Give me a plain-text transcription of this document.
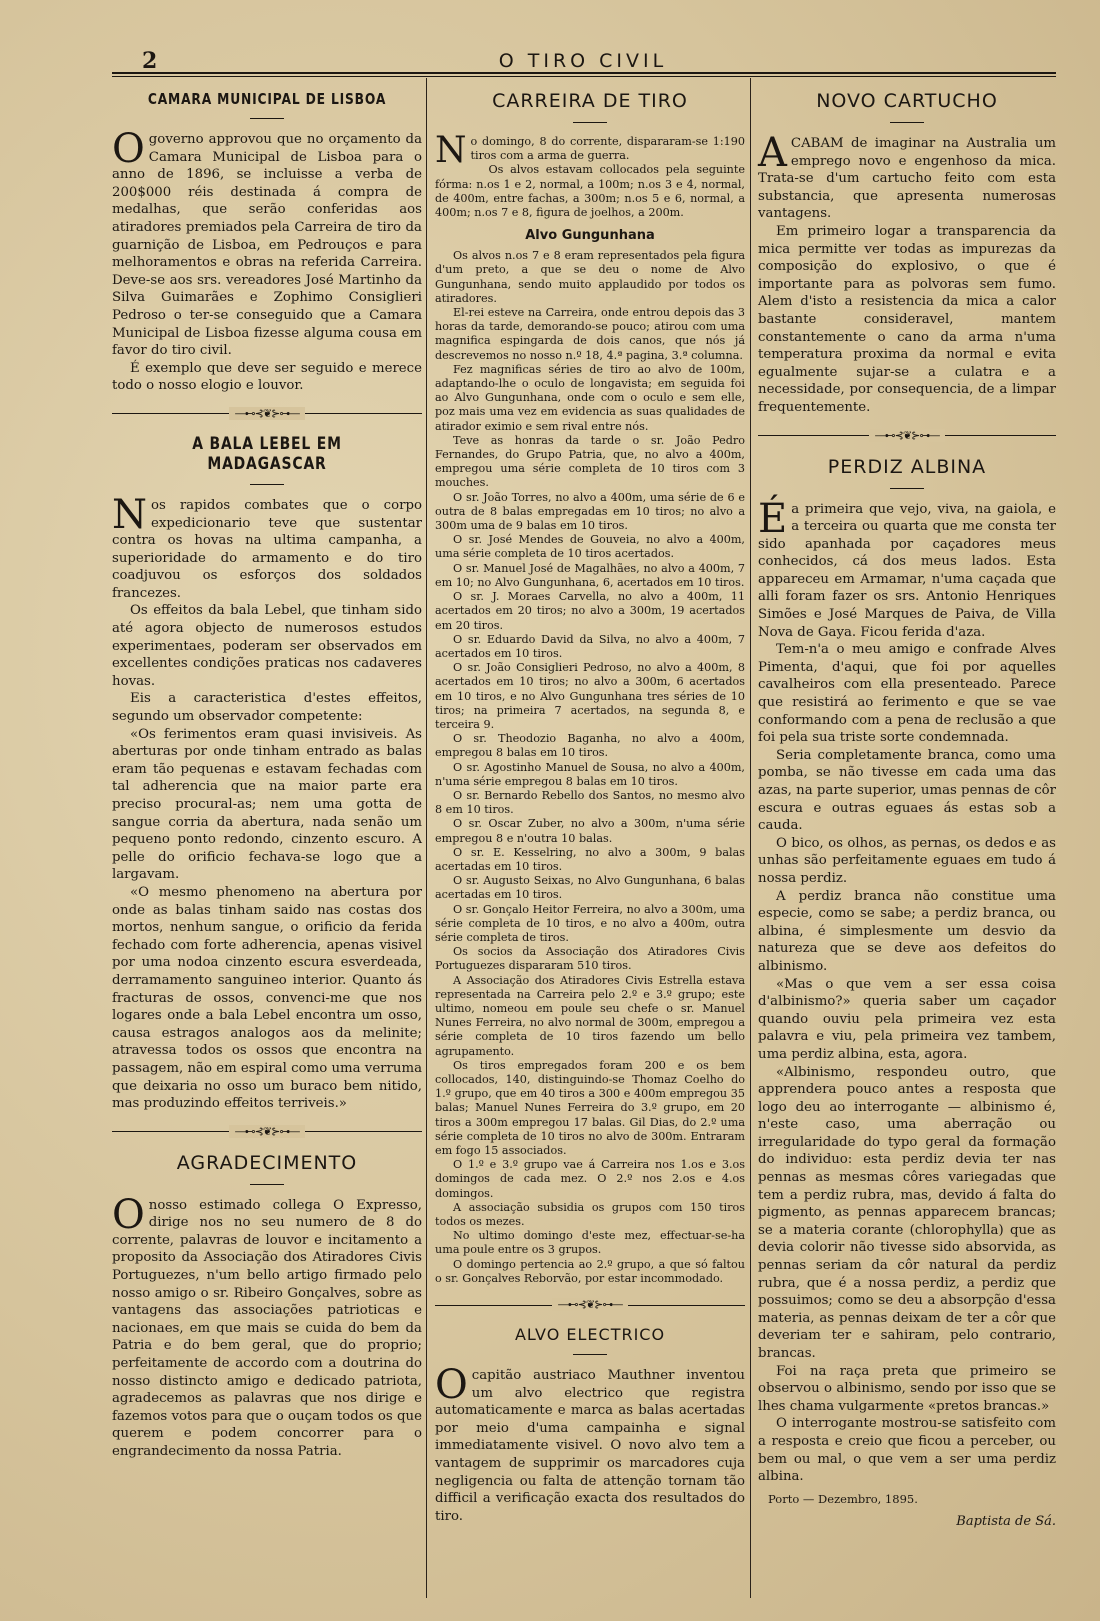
2	O TIRO CIVIL
CAMARA MUNICIPAL DE LISBOA

Ogoverno approvou que no orçamento da Camara Municipal de Lisboa para o anno de 1896, se incluisse a verba de 200$000 réis destinada á compra de medalhas, que serão conferidas aos atiradores premiados pela Carreira de tiro da guarnição de Lisboa, em Pedrouços e para melhoramentos e obras na referida Carreira. Deve-se aos srs. vereadores José Martinho da Silva Guimarães e Zophimo Consiglieri Pedroso o ter-se conseguido que a Camara Municipal de Lisboa fizesse alguma cousa em favor do tiro civil.

É exemplo que deve ser seguido e merece todo o nosso elogio e louvor.

—⊷⊰❦⊱⊶—
A BALA LEBEL EM MADAGASCAR

Nos rapidos combates que o corpo expedicionario teve que sustentar contra os hovas na ultima campanha, a superioridade do armamento e do tiro coadjuvou os esforços dos soldados francezes.

Os effeitos da bala Lebel, que tinham sido até agora objecto de numerosos estudos experimentaes, poderam ser observados em excellentes condições praticas nos cadaveres hovas.

Eis a caracteristica d'estes effeitos, segundo um observador competente:

«Os ferimentos eram quasi invisiveis. As aberturas por onde tinham entrado as balas eram tão pequenas e estavam fechadas com tal adherencia que na maior parte era preciso procural-as; nem uma gotta de sangue corria da abertura, nada senão um pequeno ponto redondo, cinzento escuro. A pelle do orificio fechava-se logo que a largavam.

«O mesmo phenomeno na abertura por onde as balas tinham saido nas costas dos mortos, nenhum sangue, o orificio da ferida fechado com forte adherencia, apenas visivel por uma nodoa cinzento escura esverdeada, derramamento sanguineo interior. Quanto ás fracturas de ossos, convenci-me que nos logares onde a bala Lebel encontra um osso, causa estragos analogos aos da melinite; atravessa todos os ossos que encontra na passagem, não em espiral como uma verruma que deixaria no osso um buraco bem nitido, mas produzindo effeitos terriveis.»

—⊷⊰❦⊱⊶—
AGRADECIMENTO

Onosso estimado collega O Expresso, dirige nos no seu numero de 8 do corrente, palavras de louvor e incitamento a proposito da Associação dos Atiradores Civis Portuguezes, n'um bello artigo firmado pelo nosso amigo o sr. Ribeiro Gonçalves, sobre as vantagens das associações patrioticas e nacionaes, em que mais se cuida do bem da Patria e do bem geral, que do proprio; perfeitamente de accordo com a doutrina do nosso distincto amigo e dedicado patriota, agradecemos as palavras que nos dirige e fazemos votos para que o ouçam todos os que querem e podem concorrer para o engrandecimento da nossa Patria.

CARREIRA DE TIRO

No domingo, 8 do corrente, dispararam-se 1:190 tiros com a arma de guerra.

Os alvos estavam collocados pela seguinte fórma: n.os 1 e 2, normal, a 100m; n.os 3 e 4, normal, de 400m, entre fachas, a 300m; n.os 5 e 6, normal, a 400m; n.os 7 e 8, figura de joelhos, a 200m.

Alvo Gungunhana

Os alvos n.os 7 e 8 eram representados pela figura d'um preto, a que se deu o nome de Alvo Gungunhana, sendo muito applaudido por todos os atiradores.

El-rei esteve na Carreira, onde entrou depois das 3 horas da tarde, demorando-se pouco; atirou com uma magnifica espingarda de dois canos, que nós já descrevemos no nosso n.º 18, 4.ª pagina, 3.ª columna.

Fez magnificas séries de tiro ao alvo de 100m, adaptando-lhe o oculo de longavista; em seguida foi ao Alvo Gungunhana, onde com o oculo e sem elle, poz mais uma vez em evidencia as suas qualidades de atirador eximio e sem rival entre nós.

Teve as honras da tarde o sr. João Pedro Fernandes, do Grupo Patria, que, no alvo a 400m, empregou uma série completa de 10 tiros com 3 mouches.

O sr. João Torres, no alvo a 400m, uma série de 6 e outra de 8 balas empregadas em 10 tiros; no alvo a 300m uma de 9 balas em 10 tiros.

O sr. José Mendes de Gouveia, no alvo a 400m, uma série completa de 10 tiros acertados.

O sr. Manuel José de Magalhães, no alvo a 400m, 7 em 10; no Alvo Gungunhana, 6, acertados em 10 tiros.

O sr. J. Moraes Carvella, no alvo a 400m, 11 acertados em 20 tiros; no alvo a 300m, 19 acertados em 20 tiros.

O sr. Eduardo David da Silva, no alvo a 400m, 7 acertados em 10 tiros.

O sr. João Consiglieri Pedroso, no alvo a 400m, 8 acertados em 10 tiros; no alvo a 300m, 6 acertados em 10 tiros, e no Alvo Gungunhana tres séries de 10 tiros; na primeira 7 acertados, na segunda 8, e terceira 9.

O sr. Theodozio Baganha, no alvo a 400m, empregou 8 balas em 10 tiros.

O sr. Agostinho Manuel de Sousa, no alvo a 400m, n'uma série empregou 8 balas em 10 tiros.

O sr. Bernardo Rebello dos Santos, no mesmo alvo 8 em 10 tiros.

O sr. Oscar Zuber, no alvo a 300m, n'uma série empregou 8 e n'outra 10 balas.

O sr. E. Kesselring, no alvo a 300m, 9 balas acertadas em 10 tiros.

O sr. Augusto Seixas, no Alvo Gungunhana, 6 balas acertadas em 10 tiros.

O sr. Gonçalo Heitor Ferreira, no alvo a 300m, uma série completa de 10 tiros, e no alvo a 400m, outra série completa de tiros.

Os socios da Associação dos Atiradores Civis Portuguezes dispararam 510 tiros.

A Associação dos Atiradores Civis Estrella estava representada na Carreira pelo 2.º e 3.º grupo; este ultimo, nomeou em poule seu chefe o sr. Manuel Nunes Ferreira, no alvo normal de 300m, empregou a série completa de 10 tiros fazendo um bello agrupamento.

Os tiros empregados foram 200 e os bem collocados, 140, distinguindo-se Thomaz Coelho do 1.º grupo, que em 40 tiros a 300 e 400m empregou 35 balas; Manuel Nunes Ferreira do 3.º grupo, em 20 tiros a 300m empregou 17 balas. Gil Dias, do 2.º uma série completa de 10 tiros no alvo de 300m. Entraram em fogo 15 associados.

O 1.º e 3.º grupo vae á Carreira nos 1.os e 3.os domingos de cada mez. O 2.º nos 2.os e 4.os domingos.

A associação subsidia os grupos com 150 tiros todos os mezes.

No ultimo domingo d'este mez, effectuar-se-ha uma poule entre os 3 grupos.

O domingo pertencia ao 2.º grupo, a que só faltou o sr. Gonçalves Reborvão, por estar incommodado.

—⊷⊰❦⊱⊶—
ALVO ELECTRICO

Ocapitão austriaco Mauthner inventou um alvo electrico que registra automaticamente e marca as balas acertadas por meio d'uma campainha e signal immediatamente visivel. O novo alvo tem a vantagem de supprimir os marcadores cuja negligencia ou falta de attenção tornam tão difficil a verificação exacta dos resultados do tiro.

NOVO CARTUCHO

ACABAM de imaginar na Australia um emprego novo e engenhoso da mica. Trata-se d'um cartucho feito com esta substancia, que apresenta numerosas vantagens.

Em primeiro logar a transparencia da mica permitte ver todas as impurezas da composição do explosivo, o que é importante para as polvoras sem fumo. Alem d'isto a resistencia da mica a calor bastante consideravel, mantem constantemente o cano da arma n'uma temperatura proxima da normal e evita egualmente sujar-se a culatra e a necessidade, por consequencia, de a limpar frequentemente.

—⊷⊰❦⊱⊶—
PERDIZ ALBINA

Éa primeira que vejo, viva, na gaiola, e a terceira ou quarta que me consta ter sido apanhada por caçadores meus conhecidos, cá dos meus lados. Esta appareceu em Armamar, n'uma caçada que alli foram fazer os srs. Antonio Henriques Simões e José Marques de Paiva, de Villa Nova de Gaya. Ficou ferida d'aza.

Tem-n'a o meu amigo e confrade Alves Pimenta, d'aqui, que foi por aquelles cavalheiros com ella presenteado. Parece que resistirá ao ferimento e que se vae conformando com a pena de reclusão a que foi pela sua triste sorte condemnada.

Seria completamente branca, como uma pomba, se não tivesse em cada uma das azas, na parte superior, umas pennas de côr escura e outras eguaes ás estas sob a cauda.

O bico, os olhos, as pernas, os dedos e as unhas são perfeitamente eguaes em tudo á nossa perdiz.

A perdiz branca não constitue uma especie, como se sabe; a perdiz branca, ou albina, é simplesmente um desvio da natureza que se deve aos defeitos do albinismo.

«Mas o que vem a ser essa coisa d'albinismo?» queria saber um caçador quando ouviu pela primeira vez esta palavra e viu, pela primeira vez tambem, uma perdiz albina, esta, agora.

«Albinismo, respondeu outro, que apprendera pouco antes a resposta que logo deu ao interrogante — albinismo é, n'este caso, uma aberração ou irregularidade do typo geral da formação do individuo: esta perdiz devia ter nas pennas as mesmas côres variegadas que tem a perdiz rubra, mas, devido á falta do pigmento, as pennas apparecem brancas; se a materia corante (chlorophylla) que as devia colorir não tivesse sido absorvida, as pennas seriam da côr natural da perdiz rubra, que é a nossa perdiz, a perdiz que possuimos; como se deu a absorpção d'essa materia, as pennas deixam de ter a côr que deveriam ter e sahiram, pelo contrario, brancas.

Foi na raça preta que primeiro se observou o albinismo, sendo por isso que se lhes chama vulgarmente «pretos brancas.»

O interrogante mostrou-se satisfeito com a resposta e creio que ficou a perceber, ou bem ou mal, o que vem a ser uma perdiz albina.

Porto — Dezembro, 1895.
Baptista de Sá.
